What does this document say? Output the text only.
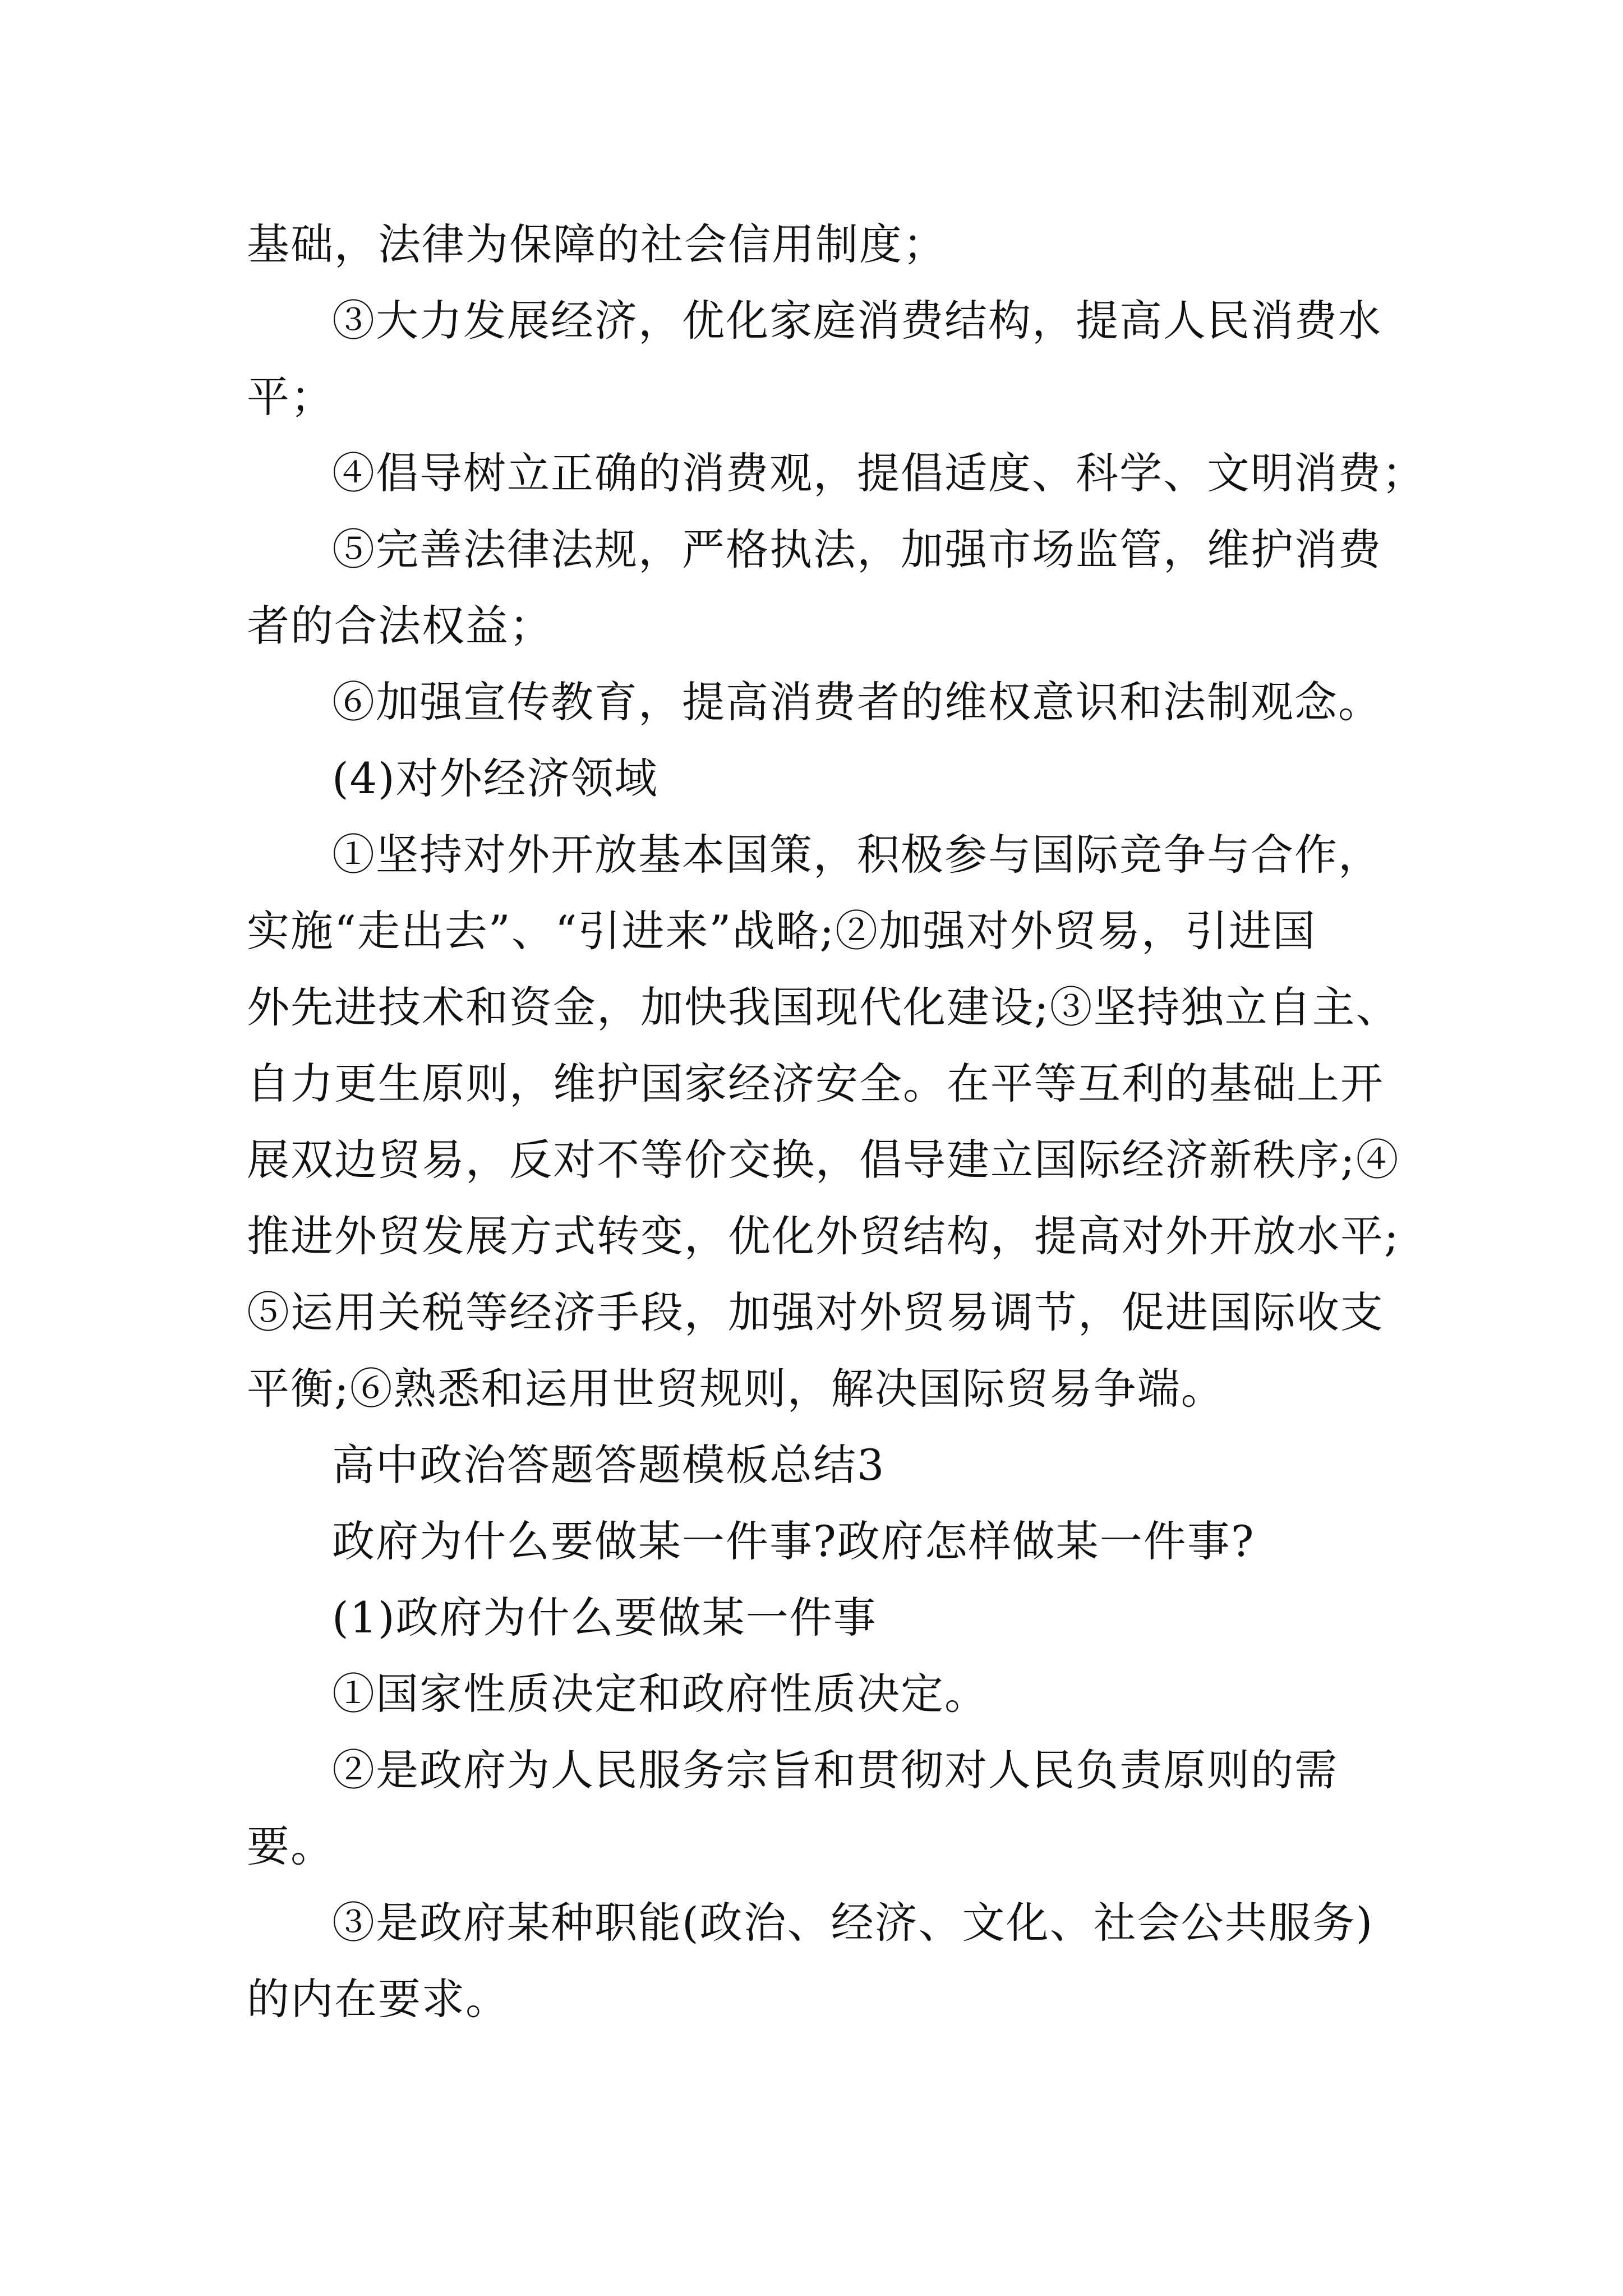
基础，法律为保障的社会信用制度；
③大力发展经济，优化家庭消费结构，提高人民消费水
平；
④倡导树立正确的消费观，提倡适度、科学、文明消费；
⑤完善法律法规，严格执法，加强市场监管，维护消费
者的合法权益；
⑥加强宣传教育，提高消费者的维权意识和法制观念。
(4)对外经济领域
①坚持对外开放基本国策，积极参与国际竞争与合作，
实施“走出去”、“引进来”战略;②加强对外贸易，引进国
外先进技术和资金，加快我国现代化建设;③坚持独立自主、
自力更生原则，维护国家经济安全。在平等互利的基础上开
展双边贸易，反对不等价交换，倡导建立国际经济新秩序;④
推进外贸发展方式转变，优化外贸结构，提高对外开放水平;
⑤运用关税等经济手段，加强对外贸易调节，促进国际收支
平衡;⑥熟悉和运用世贸规则，解决国际贸易争端。
高中政治答题答题模板总结3
政府为什么要做某一件事?政府怎样做某一件事?
(1)政府为什么要做某一件事
①国家性质决定和政府性质决定。
②是政府为人民服务宗旨和贯彻对人民负责原则的需
要。
③是政府某种职能(政治、经济、文化、社会公共服务)
的内在要求。
